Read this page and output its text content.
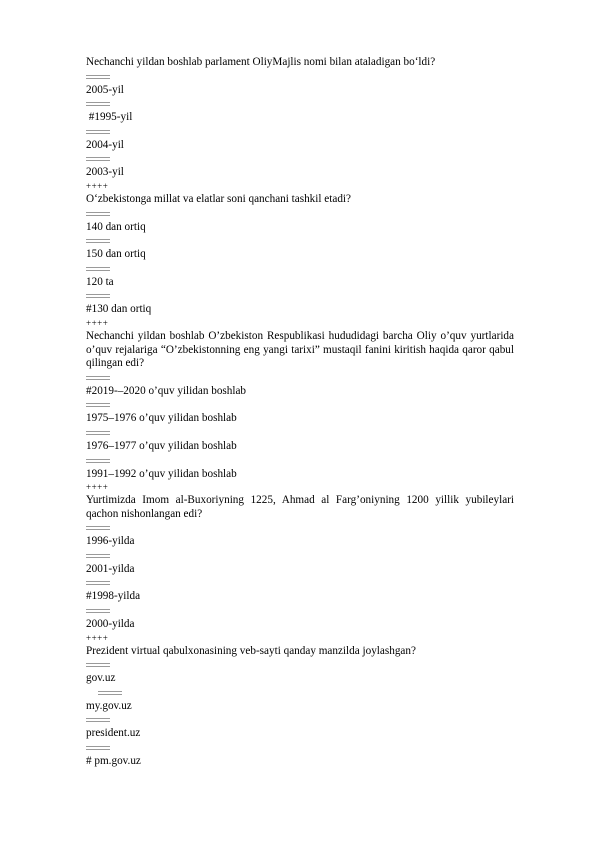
Nechanchi yildan boshlab parlament OliyMajlis nomi bilan ataladigan bo‘ldi?
2005-yil
#1995-yil
2004-yil
2003-yil
++++
O‘zbekistonga millat va elatlar soni qanchani tashkil etadi?
140 dan ortiq
150 dan ortiq
120 ta
#130 dan ortiq
++++
Nechanchi yildan boshlab O’zbekiston Respublikasi hududidagi barcha Oliy o’quv yurtlarida o’quv rejalariga “O’zbekistonning eng yangi tarixi” mustaqil fanini kiritish haqida qaror qabul qilingan edi?
#2019-–2020 o’quv yilidan boshlab
1975–1976 o’quv yilidan boshlab
1976–1977 o’quv yilidan boshlab
1991–1992 o’quv yilidan boshlab
++++
Yurtimizda Imom al-Buxoriyning 1225, Ahmad al Farg’oniyning 1200 yillik yubileylari qachon nishonlangan edi?
1996-yilda
2001-yilda
#1998-yilda
2000-yilda
++++
Prezident virtual qabulxonasining veb-sayti qanday manzilda joylashgan?
gov.uz
my.gov.uz
president.uz
# pm.gov.uz
